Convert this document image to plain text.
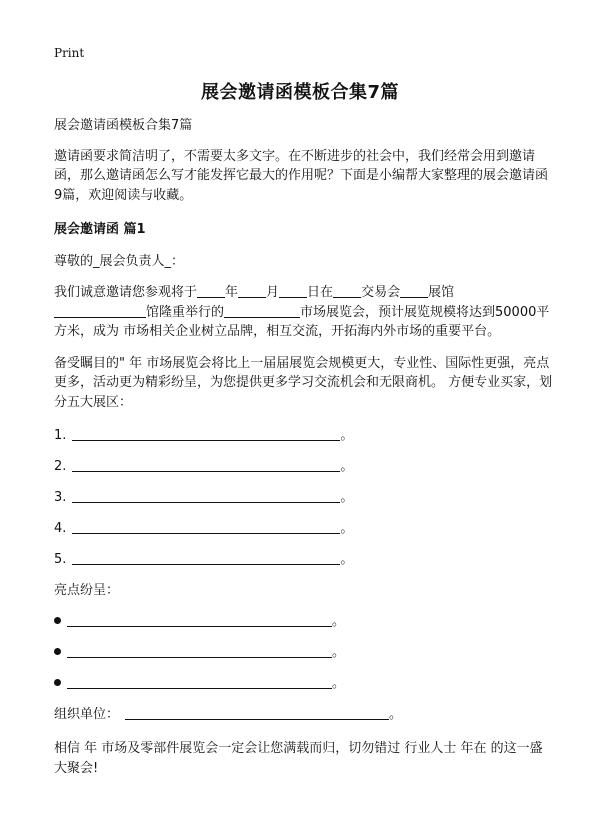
Print
展会邀请函模板合集7篇

展会邀请函模板合集7篇

邀请函要求简洁明了，不需要太多文字。在不断进步的社会中，我们经常会用到邀请函，那么邀请函怎么写才能发挥它最大的作用呢？下面是小编帮大家整理的展会邀请函9篇，欢迎阅读与收藏。

展会邀请函 篇1

尊敬的_展会负责人_：

我们诚意邀请您参观将于 年 月 日在 交易会 展馆
馆隆重举行的	市场展览会，预计展览规模将达到50000平方米，成为 市场相关企业树立品牌，相互交流，开拓海内外市场的重要平台。

备受瞩目的" 年 市场展览会将比上一届届展览会规模更大，专业性、国际性更强，亮点更多，活动更为精彩纷呈，为您提供更多学习交流机会和无限商机。 方便专业买家，划分五大展区：

1.	。
2.	。
3.	。
4.	。
5.	。

亮点纷呈：

。
。
。

组织单位：	。

相信 年 市场及零部件展览会一定会让您满载而归，切勿错过 行业人士 年在 的这一盛大聚会!
